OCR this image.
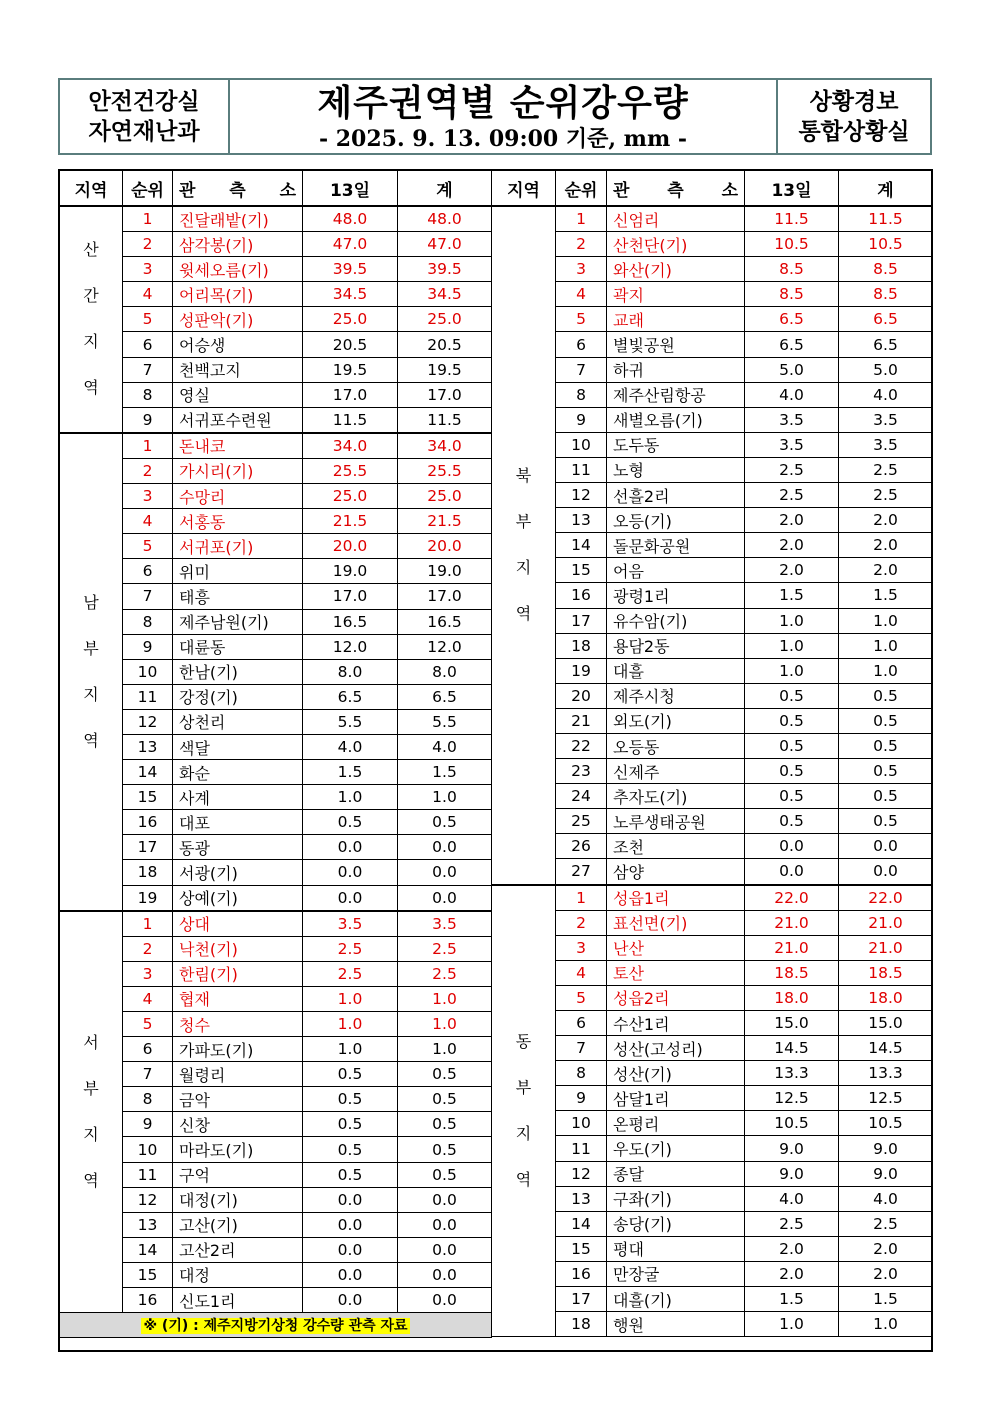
안전건강실
자연재난과
제주권역별 순위강우량
- 2025. 9. 13. 09:00 기준, mm -
상황경보
통합상황실
지역	순위	관 측 소	13일	계
산 간 지 역	1	진달래밭(기)	48.0	48.0
	2	삼각봉(기)	47.0	47.0
	3	윗세오름(기)	39.5	39.5
	4	어리목(기)	34.5	34.5
	5	성판악(기)	25.0	25.0
	6	어승생	20.5	20.5
	7	천백고지	19.5	19.5
	8	영실	17.0	17.0
	9	서귀포수련원	11.5	11.5
남 부 지 역	1	돈내코	34.0	34.0
	2	가시리(기)	25.5	25.5
	3	수망리	25.0	25.0
	4	서홍동	21.5	21.5
	5	서귀포(기)	20.0	20.0
	6	위미	19.0	19.0
	7	태흥	17.0	17.0
	8	제주남원(기)	16.5	16.5
	9	대륜동	12.0	12.0
	10	한남(기)	8.0	8.0
	11	강정(기)	6.5	6.5
	12	상천리	5.5	5.5
	13	색달	4.0	4.0
	14	화순	1.5	1.5
	15	사계	1.0	1.0
	16	대포	0.5	0.5
	17	동광	0.0	0.0
	18	서광(기)	0.0	0.0
	19	상예(기)	0.0	0.0
서 부 지 역	1	상대	3.5	3.5
	2	낙천(기)	2.5	2.5
	3	한림(기)	2.5	2.5
	4	협재	1.0	1.0
	5	청수	1.0	1.0
	6	가파도(기)	1.0	1.0
	7	월령리	0.5	0.5
	8	금악	0.5	0.5
	9	신창	0.5	0.5
	10	마라도(기)	0.5	0.5
	11	구억	0.5	0.5
	12	대정(기)	0.0	0.0
	13	고산(기)	0.0	0.0
	14	고산2리	0.0	0.0
	15	대정	0.0	0.0
	16	신도1리	0.0	0.0
※ (기) : 제주지방기상청 강수량 관측 자료				
지역	순위	관 측 소	13일	계
북 부 지 역	1	신엄리	11.5	11.5
	2	산천단(기)	10.5	10.5
	3	와산(기)	8.5	8.5
	4	곽지	8.5	8.5
	5	교래	6.5	6.5
	6	별빛공원	6.5	6.5
	7	하귀	5.0	5.0
	8	제주산림항공	4.0	4.0
	9	새별오름(기)	3.5	3.5
	10	도두동	3.5	3.5
	11	노형	2.5	2.5
	12	선흘2리	2.5	2.5
	13	오등(기)	2.0	2.0
	14	돌문화공원	2.0	2.0
	15	어음	2.0	2.0
	16	광령1리	1.5	1.5
	17	유수암(기)	1.0	1.0
	18	용담2동	1.0	1.0
	19	대흘	1.0	1.0
	20	제주시청	0.5	0.5
	21	외도(기)	0.5	0.5
	22	오등동	0.5	0.5
	23	신제주	0.5	0.5
	24	추자도(기)	0.5	0.5
	25	노루생태공원	0.5	0.5
	26	조천	0.0	0.0
	27	삼양	0.0	0.0
동 부 지 역	1	성읍1리	22.0	22.0
	2	표선면(기)	21.0	21.0
	3	난산	21.0	21.0
	4	토산	18.5	18.5
	5	성읍2리	18.0	18.0
	6	수산1리	15.0	15.0
	7	성산(고성리)	14.5	14.5
	8	성산(기)	13.3	13.3
	9	삼달1리	12.5	12.5
	10	온평리	10.5	10.5
	11	우도(기)	9.0	9.0
	12	종달	9.0	9.0
	13	구좌(기)	4.0	4.0
	14	송당(기)	2.5	2.5
	15	평대	2.0	2.0
	16	만장굴	2.0	2.0
	17	대흘(기)	1.5	1.5
	18	행원	1.0	1.0
